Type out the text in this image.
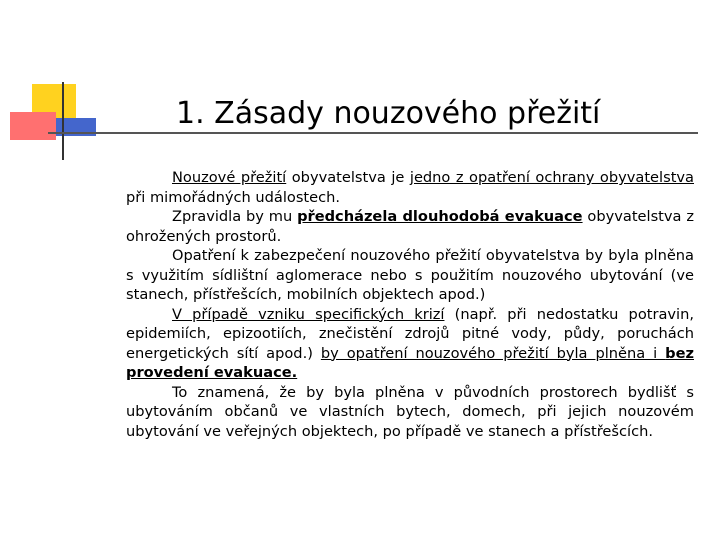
1. Zásady nouzového přežití

Nouzové přežití obyvatelstva je jedno z opatření ochrany obyvatelstva při mimořádných událostech.

Zpravidla by mu předcházela dlouhodobá evakuace obyvatelstva z ohrožených prostorů.

Opatření k zabezpečení nouzového přežití obyvatelstva by byla plněna s využitím sídlištní aglomerace nebo s použitím nouzového ubytování (ve stanech, přístřešcích, mobilních objektech apod.)

V případě vzniku specifických krizí (např. při nedostatku potravin, epidemiích, epizootiích, znečistění zdrojů pitné vody, půdy, poruchách energetických sítí apod.) by opatření nouzového přežití byla plněna i bez provedení evakuace.

To znamená, že by byla plněna v původních prostorech bydlišť s ubytováním občanů ve vlastních bytech, domech, při jejich nouzovém ubytování ve veřejných objektech, po případě ve stanech a přístřešcích.
